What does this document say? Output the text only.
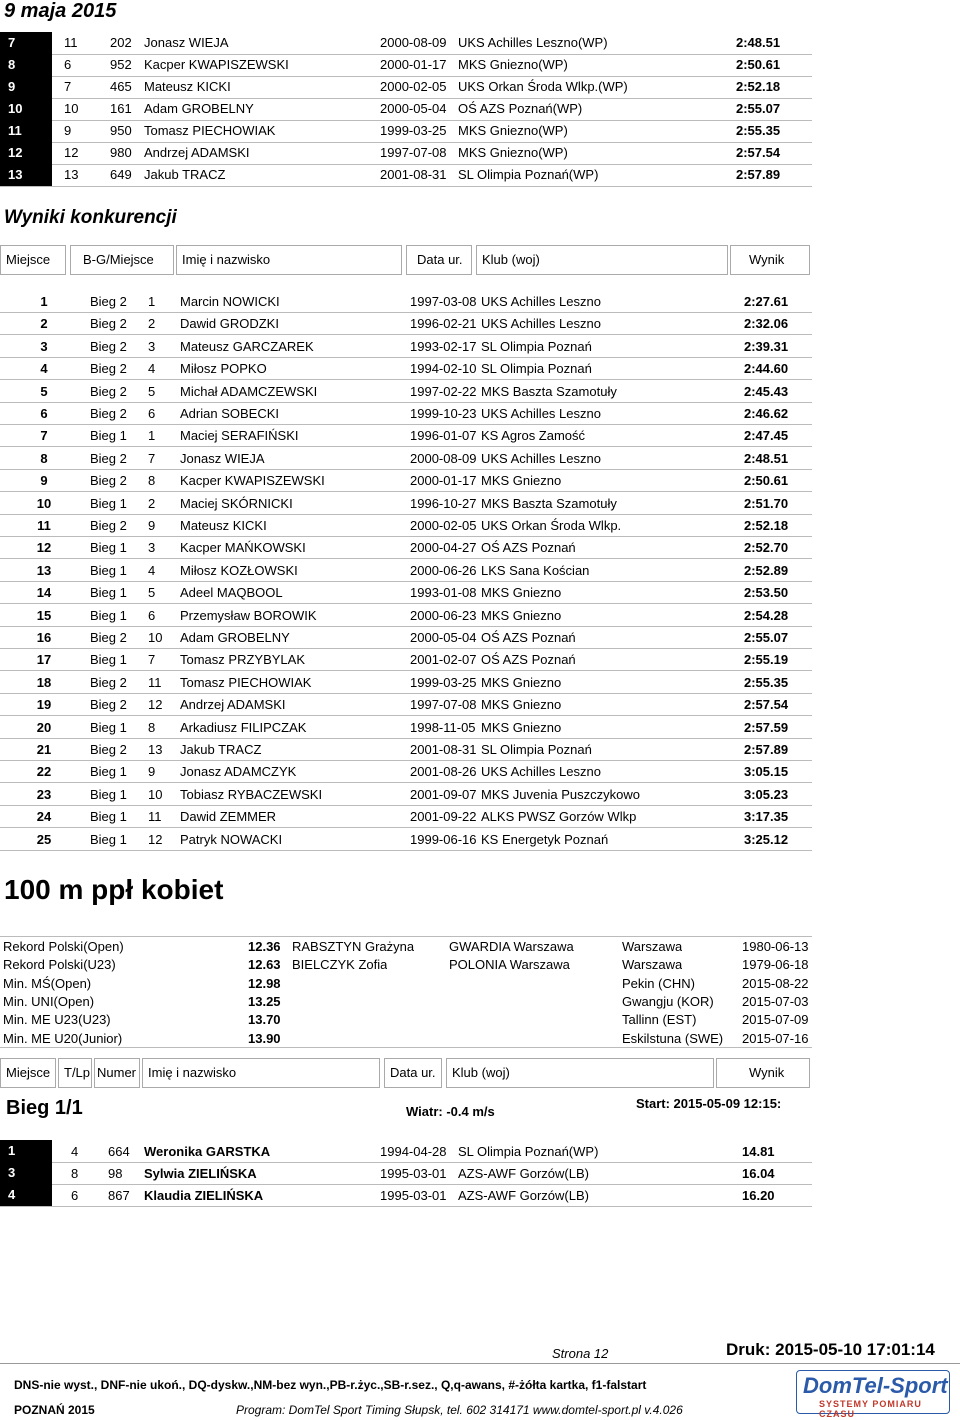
9 maja 2015
7	11	202 Jonasz WIEJA	2000-08-09 UKS Achilles Leszno(WP)	2:48.51
8	6	952 Kacper KWAPISZEWSKI	2000-01-17 MKS Gniezno(WP)	2:50.61
9	7	465 Mateusz KICKI	2000-02-05 UKS Orkan Środa Wlkp.(WP)	2:52.18
10	10 161 Adam GROBELNY	2000-05-04 OŚ AZS Poznań(WP)	2:55.07
11	9	950 Tomasz PIECHOWIAK	1999-03-25 MKS Gniezno(WP)	2:55.35
12	12 980 Andrzej ADAMSKI	1997-07-08 MKS Gniezno(WP)	2:57.54
13	13 649 Jakub TRACZ	2001-08-31 SL Olimpia Poznań(WP)	2:57.89
Wyniki konkurencji
Miejsce	B-G/Miejsce	Imię i nazwisko	Data ur.	Klub (woj)	Wynik
1	Bieg 2 1 Marcin NOWICKI	1997-03-08 UKS Achilles Leszno	2:27.61
2	Bieg 2 2 Dawid GRODZKI	1996-02-21 UKS Achilles Leszno	2:32.06
3	Bieg 2 3 Mateusz GARCZAREK	1993-02-17 SL Olimpia Poznań	2:39.31
4	Bieg 2 4 Miłosz POPKO	1994-02-10 SL Olimpia Poznań	2:44.60
5	Bieg 2 5 Michał ADAMCZEWSKI	1997-02-22 MKS Baszta Szamotuły	2:45.43
6	Bieg 2 6 Adrian SOBECKI	1999-10-23 UKS Achilles Leszno	2:46.62
7	Bieg 1 1 Maciej SERAFIŃSKI	1996-01-07 KS Agros Zamość	2:47.45
8	Bieg 2 7 Jonasz WIEJA	2000-08-09 UKS Achilles Leszno	2:48.51
9	Bieg 2 8 Kacper KWAPISZEWSKI	2000-01-17 MKS Gniezno	2:50.61
10	Bieg 1 2 Maciej SKÓRNICKI	1996-10-27 MKS Baszta Szamotuły	2:51.70
11	Bieg 2 9 Mateusz KICKI	2000-02-05 UKS Orkan Środa Wlkp.	2:52.18
12	Bieg 1 3 Kacper MAŃKOWSKI	2000-04-27 OŚ AZS Poznań	2:52.70
13	Bieg 1 4 Miłosz KOZŁOWSKI	2000-06-26 LKS Sana Kościan	2:52.89
14	Bieg 1 5 Adeel MAQBOOL	1993-01-08 MKS Gniezno	2:53.50
15	Bieg 1 6 Przemysław BOROWIK	2000-06-23 MKS Gniezno	2:54.28
16	Bieg 2 10 Adam GROBELNY	2000-05-04 OŚ AZS Poznań	2:55.07
17	Bieg 1 7 Tomasz PRZYBYLAK	2001-02-07 OŚ AZS Poznań	2:55.19
18	Bieg 2 11 Tomasz PIECHOWIAK	1999-03-25 MKS Gniezno	2:55.35
19	Bieg 2 12 Andrzej ADAMSKI	1997-07-08 MKS Gniezno	2:57.54
20	Bieg 1 8 Arkadiusz FILIPCZAK	1998-11-05 MKS Gniezno	2:57.59
21	Bieg 2 13 Jakub TRACZ	2001-08-31 SL Olimpia Poznań	2:57.89
22	Bieg 1 9 Jonasz ADAMCZYK	2001-08-26 UKS Achilles Leszno	3:05.15
23	Bieg 1 10 Tobiasz RYBACZEWSKI	2001-09-07 MKS Juvenia Puszczykowo	3:05.23
24	Bieg 1 11 Dawid ZEMMER	2001-09-22 ALKS PWSZ Gorzów Wlkp	3:17.35
25	Bieg 1 12 Patryk NOWACKI	1999-06-16 KS Energetyk Poznań	3:25.12
100 m ppł kobiet
Rekord Polski(Open)	12.36 RABSZTYN Grażyna	GWARDIA Warszawa	Warszawa	1980-06-13
Rekord Polski(U23)	12.63 BIELCZYK Zofia	POLONIA Warszawa	Warszawa	1979-06-18
Min. MŚ(Open)	12.98	Pekin (CHN)	2015-08-22
Min. UNI(Open)	13.25	Gwangju (KOR) 2015-07-03
Min. ME U23(U23)	13.70	Tallinn (EST)	2015-07-09
Min. ME U20(Junior)	13.90	Eskilstuna (SWE) 2015-07-16
Miejsce	T/Lp Numer Imię i nazwisko	Data ur.	Klub (woj)	Wynik
Bieg 1/1	Wiatr: -0.4 m/s
Start: 2015-05-09 12:15:
1	4 664 Weronika GARSTKA	1994-04-28 SL Olimpia Poznań(WP)	14.81
3	8 98 Sylwia ZIELIŃSKA	1995-03-01 AZS-AWF Gorzów(LB)	16.04
4	6 867 Klaudia ZIELIŃSKA	1995-03-01 AZS-AWF Gorzów(LB)	16.20
Strona 12	Druk: 2015-05-10 17:01:14
DNS-nie wyst., DNF-nie ukoń., DQ-dyskw.,NM-bez wyn.,PB-r.życ.,SB-r.sez., Q,q-awans, #-żółta kartka, f1-falstart
POZNAŃ 2015	Program: DomTel Sport Timing Słupsk, tel. 602 314171 www.domtel-sport.pl v.4.026
DomTel-Sport
SYSTEMY POMIARU CZASU
